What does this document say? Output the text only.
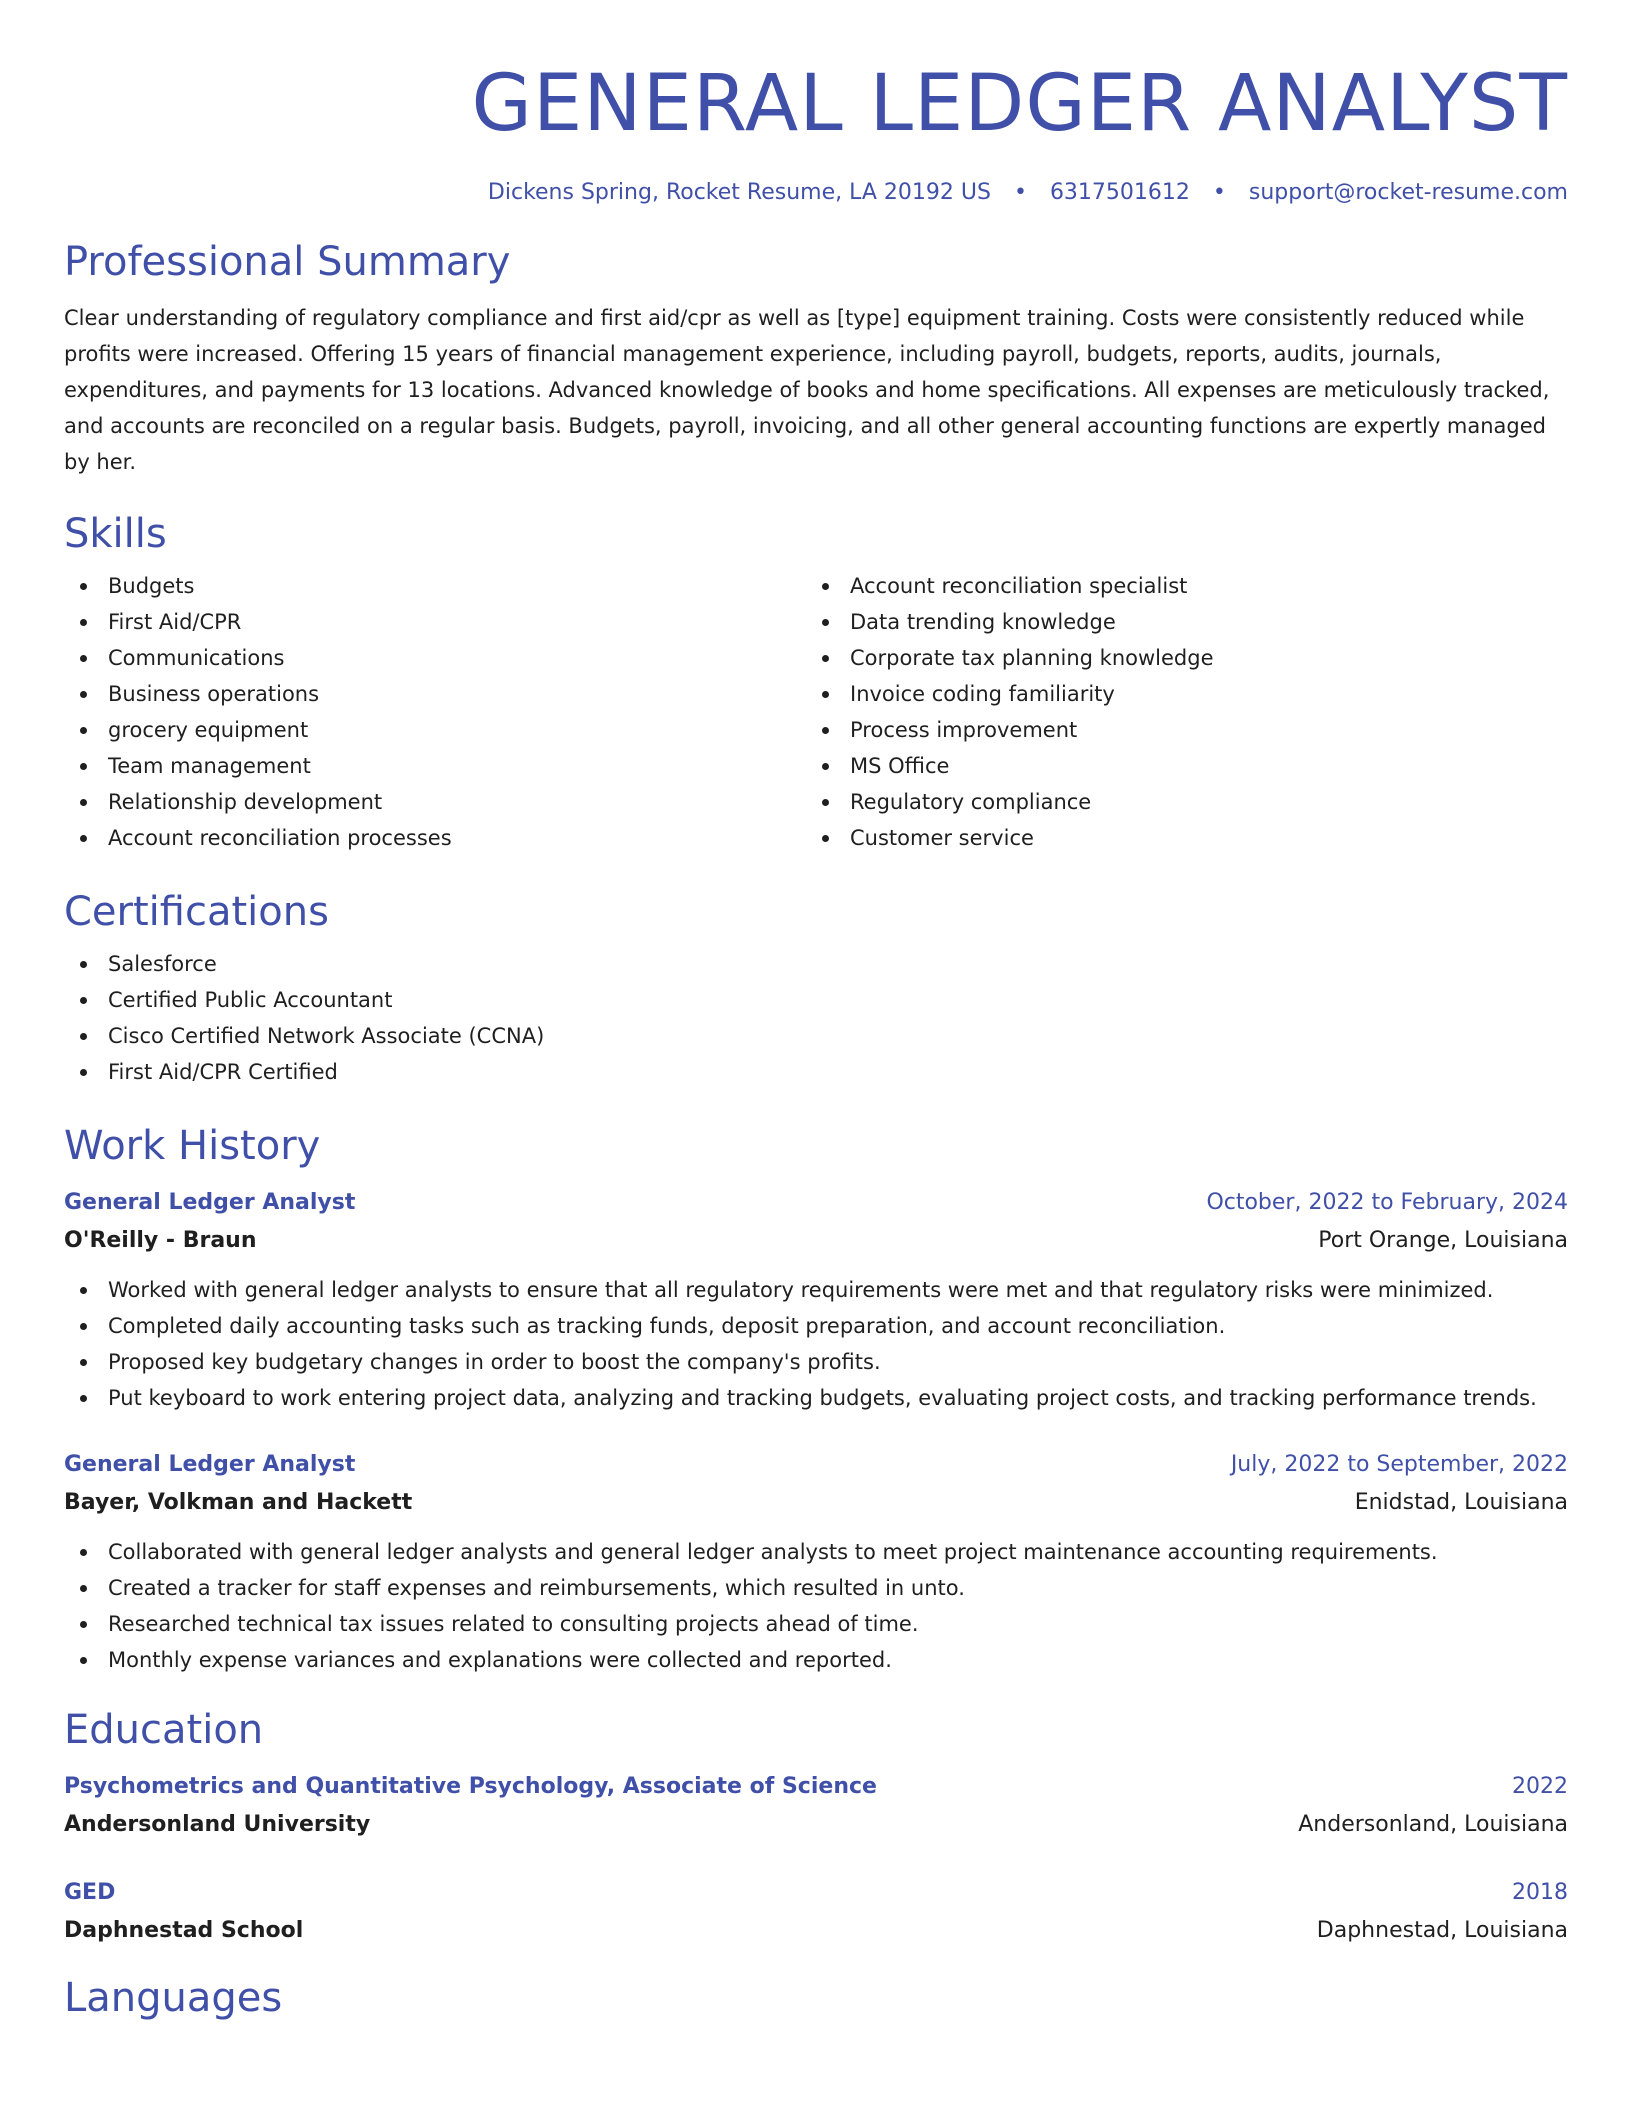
GENERAL LEDGER ANALYST
Dickens Spring, Rocket Resume, LA 20192 US • 6317501612 • support@rocket-resume.com
Professional Summary

Clear understanding of regulatory compliance and first aid/cpr as well as [type] equipment training. Costs were consistently reduced while profits were increased. Offering 15 years of financial management experience, including payroll, budgets, reports, audits, journals, expenditures, and payments for 13 locations. Advanced knowledge of books and home specifications. All expenses are meticulously tracked, and accounts are reconciled on a regular basis. Budgets, payroll, invoicing, and all other general accounting functions are expertly managed by her.

Skills
Budgets
First Aid/CPR
Communications
Business operations
grocery equipment
Team management
Relationship development
Account reconciliation processes
Account reconciliation specialist
Data trending knowledge
Corporate tax planning knowledge
Invoice coding familiarity
Process improvement
MS Office
Regulatory compliance
Customer service
Certifications
Salesforce
Certified Public Accountant
Cisco Certified Network Associate (CCNA)
First Aid/CPR Certified
Work History
General Ledger Analyst	October, 2022 to February, 2024
O'Reilly - Braun	Port Orange, Louisiana
Worked with general ledger analysts to ensure that all regulatory requirements were met and that regulatory risks were minimized.
Completed daily accounting tasks such as tracking funds, deposit preparation, and account reconciliation.
Proposed key budgetary changes in order to boost the company's profits.
Put keyboard to work entering project data, analyzing and tracking budgets, evaluating project costs, and tracking performance trends.
General Ledger Analyst	July, 2022 to September, 2022
Bayer, Volkman and Hackett	Enidstad, Louisiana
Collaborated with general ledger analysts and general ledger analysts to meet project maintenance accounting requirements.
Created a tracker for staff expenses and reimbursements, which resulted in unto.
Researched technical tax issues related to consulting projects ahead of time.
Monthly expense variances and explanations were collected and reported.
Education
Psychometrics and Quantitative Psychology, Associate of Science	2022
Andersonland University	Andersonland, Louisiana
GED	2018
Daphnestad School	Daphnestad, Louisiana
Languages
